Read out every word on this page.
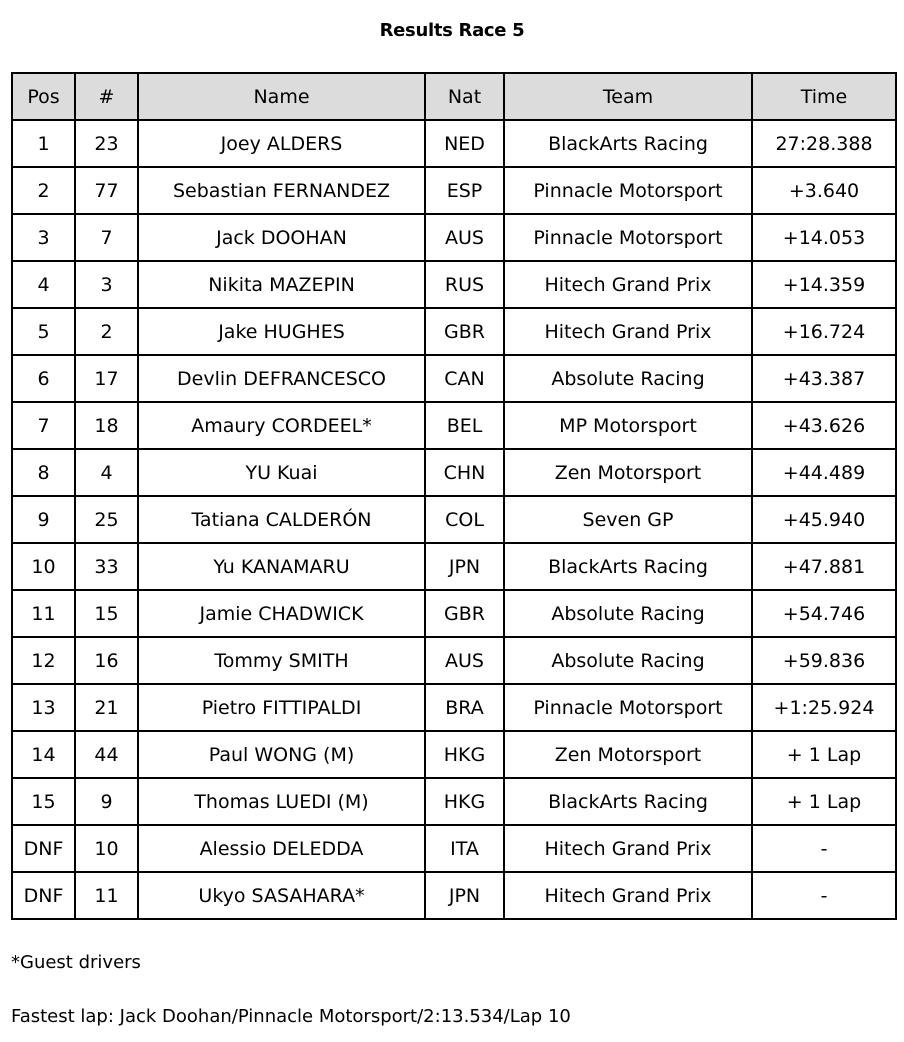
Results Race 5
Pos	#	Name	Nat	Team	Time
1	23	Joey ALDERS	NED	BlackArts Racing	27:28.388
2	77	Sebastian FERNANDEZ	ESP	Pinnacle Motorsport	+3.640
3	7	Jack DOOHAN	AUS	Pinnacle Motorsport	+14.053
4	3	Nikita MAZEPIN	RUS	Hitech Grand Prix	+14.359
5	2	Jake HUGHES	GBR	Hitech Grand Prix	+16.724
6	17	Devlin DEFRANCESCO	CAN	Absolute Racing	+43.387
7	18	Amaury CORDEEL*	BEL	MP Motorsport	+43.626
8	4	YU Kuai	CHN	Zen Motorsport	+44.489
9	25	Tatiana CALDERÓN	COL	Seven GP	+45.940
10	33	Yu KANAMARU	JPN	BlackArts Racing	+47.881
11	15	Jamie CHADWICK	GBR	Absolute Racing	+54.746
12	16	Tommy SMITH	AUS	Absolute Racing	+59.836
13	21	Pietro FITTIPALDI	BRA	Pinnacle Motorsport	+1:25.924
14	44	Paul WONG (M)	HKG	Zen Motorsport	+ 1 Lap
15	9	Thomas LUEDI (M)	HKG	BlackArts Racing	+ 1 Lap
DNF	10	Alessio DELEDDA	ITA	Hitech Grand Prix	-
DNF	11	Ukyo SASAHARA*	JPN	Hitech Grand Prix	-
*Guest drivers
Fastest lap: Jack Doohan/Pinnacle Motorsport/2:13.534/Lap 10
